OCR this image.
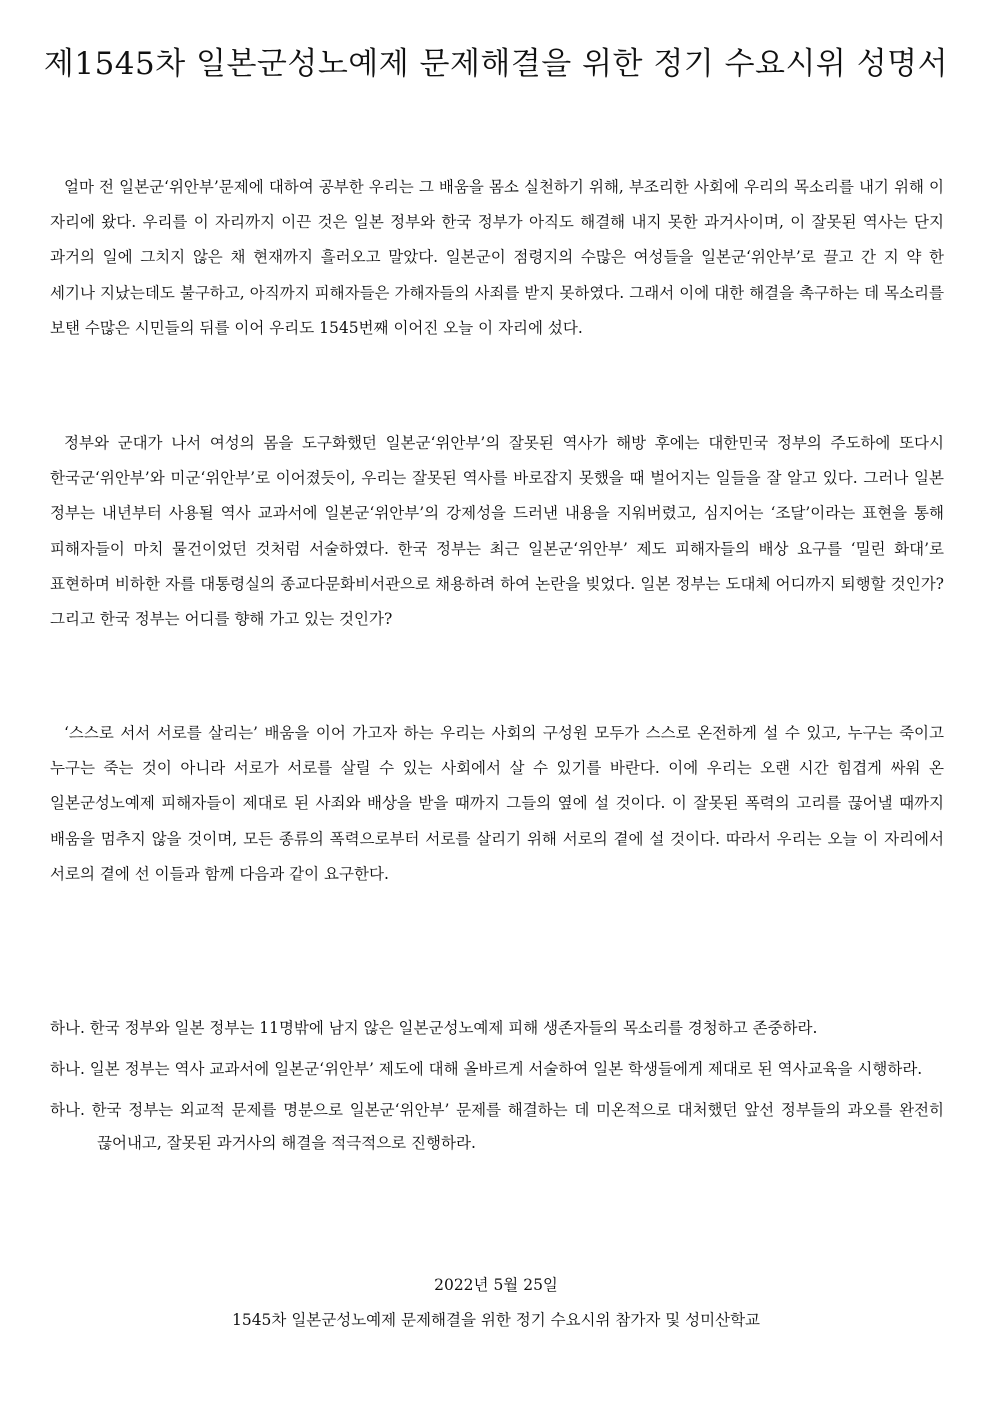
제1545차 일본군성노예제 문제해결을 위한 정기 수요시위 성명서

얼마 전 일본군‘위안부’문제에 대하여 공부한 우리는 그 배움을 몸소 실천하기 위해, 부조리한 사회에 우리의 목소리를 내기 위해 이 자리에 왔다. 우리를 이 자리까지 이끈 것은 일본 정부와 한국 정부가 아직도 해결해 내지 못한 과거사이며, 이 잘못된 역사는 단지 과거의 일에 그치지 않은 채 현재까지 흘러오고 말았다. 일본군이 점령지의 수많은 여성들을 일본군‘위안부’로 끌고 간 지 약 한 세기나 지났는데도 불구하고, 아직까지 피해자들은 가해자들의 사죄를 받지 못하였다. 그래서 이에 대한 해결을 촉구하는 데 목소리를 보탠 수많은 시민들의 뒤를 이어 우리도 1545번째 이어진 오늘 이 자리에 섰다.

정부와 군대가 나서 여성의 몸을 도구화했던 일본군‘위안부’의 잘못된 역사가 해방 후에는 대한민국 정부의 주도하에 또다시 한국군‘위안부’와 미군‘위안부’로 이어졌듯이, 우리는 잘못된 역사를 바로잡지 못했을 때 벌어지는 일들을 잘 알고 있다. 그러나 일본 정부는 내년부터 사용될 역사 교과서에 일본군‘위안부’의 강제성을 드러낸 내용을 지워버렸고, 심지어는 ‘조달’이라는 표현을 통해 피해자들이 마치 물건이었던 것처럼 서술하였다. 한국 정부는 최근 일본군‘위안부’ 제도 피해자들의 배상 요구를 ‘밀린 화대’로 표현하며 비하한 자를 대통령실의 종교다문화비서관으로 채용하려 하여 논란을 빚었다. 일본 정부는 도대체 어디까지 퇴행할 것인가? 그리고 한국 정부는 어디를 향해 가고 있는 것인가?

‘스스로 서서 서로를 살리는’ 배움을 이어 가고자 하는 우리는 사회의 구성원 모두가 스스로 온전하게 설 수 있고, 누구는 죽이고 누구는 죽는 것이 아니라 서로가 서로를 살릴 수 있는 사회에서 살 수 있기를 바란다. 이에 우리는 오랜 시간 힘겹게 싸워 온 일본군성노예제 피해자들이 제대로 된 사죄와 배상을 받을 때까지 그들의 옆에 설 것이다. 이 잘못된 폭력의 고리를 끊어낼 때까지 배움을 멈추지 않을 것이며, 모든 종류의 폭력으로부터 서로를 살리기 위해 서로의 곁에 설 것이다. 따라서 우리는 오늘 이 자리에서 서로의 곁에 선 이들과 함께 다음과 같이 요구한다.

하나. 한국 정부와 일본 정부는 11명밖에 남지 않은 일본군성노예제 피해 생존자들의 목소리를 경청하고 존중하라.
하나. 일본 정부는 역사 교과서에 일본군‘위안부’ 제도에 대해 올바르게 서술하여 일본 학생들에게 제대로 된 역사교육을 시행하라.
하나. 한국 정부는 외교적 문제를 명분으로 일본군‘위안부’ 문제를 해결하는 데 미온적으로 대처했던 앞선 정부들의 과오를 완전히 끊어내고, 잘못된 과거사의 해결을 적극적으로 진행하라.
2022년 5월 25일
1545차 일본군성노예제 문제해결을 위한 정기 수요시위 참가자 및 성미산학교
